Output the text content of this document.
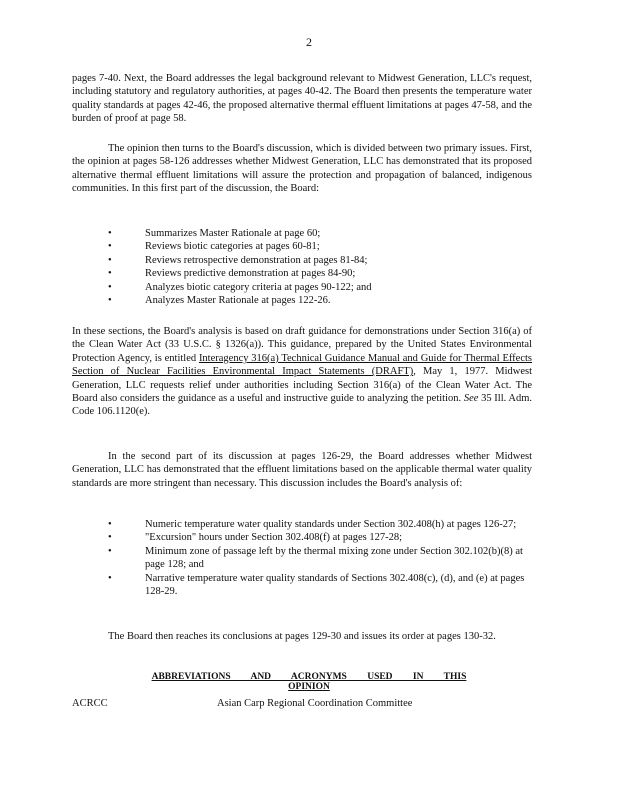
2

pages 7-40. Next, the Board addresses the legal background relevant to Midwest Generation, LLC's request, including statutory and regulatory authorities, at pages 40-42. The Board then presents the temperature water quality standards at pages 42-46, the proposed alternative thermal effluent limitations at pages 47-58, and the burden of proof at page 58.

The opinion then turns to the Board's discussion, which is divided between two primary issues. First, the opinion at pages 58-126 addresses whether Midwest Generation, LLC has demonstrated that its proposed alternative thermal effluent limitations will assure the protection and propagation of balanced, indigenous communities. In this first part of the discussion, the Board:

•	Summarizes Master Rationale at page 60;
•	Reviews biotic categories at pages 60-81;
•	Reviews retrospective demonstration at pages 81-84;
•	Reviews predictive demonstration at pages 84-90;
•	Analyzes biotic category criteria at pages 90-122; and
•	Analyzes Master Rationale at pages 122-26.

In these sections, the Board's analysis is based on draft guidance for demonstrations under Section 316(a) of the Clean Water Act (33 U.S.C. § 1326(a)). This guidance, prepared by the United States Environmental Protection Agency, is entitled Interagency 316(a) Technical Guidance Manual and Guide for Thermal Effects Section of Nuclear Facilities Environmental Impact Statements (DRAFT), May 1, 1977. Midwest Generation, LLC requests relief under authorities including Section 316(a) of the Clean Water Act. The Board also considers the guidance as a useful and instructive guide to analyzing the petition. See 35 Ill. Adm. Code 106.1120(e).

In the second part of its discussion at pages 126-29, the Board addresses whether Midwest Generation, LLC has demonstrated that the effluent limitations based on the applicable thermal water quality standards are more stringent than necessary. This discussion includes the Board's analysis of:

•	Numeric temperature water quality standards under Section 302.408(h) at pages 126-27;
•	"Excursion" hours under Section 302.408(f) at pages 127-28;
•	Minimum zone of passage left by the thermal mixing zone under Section 302.102(b)(8) at page 128; and
•	Narrative temperature water quality standards of Sections 302.408(c), (d), and (e) at pages 128-29.

The Board then reaches its conclusions at pages 129-30 and issues its order at pages 130-32.

ABBREVIATIONS AND ACRONYMS USED IN THIS OPINION
ACRCC	Asian Carp Regional Coordination Committee
